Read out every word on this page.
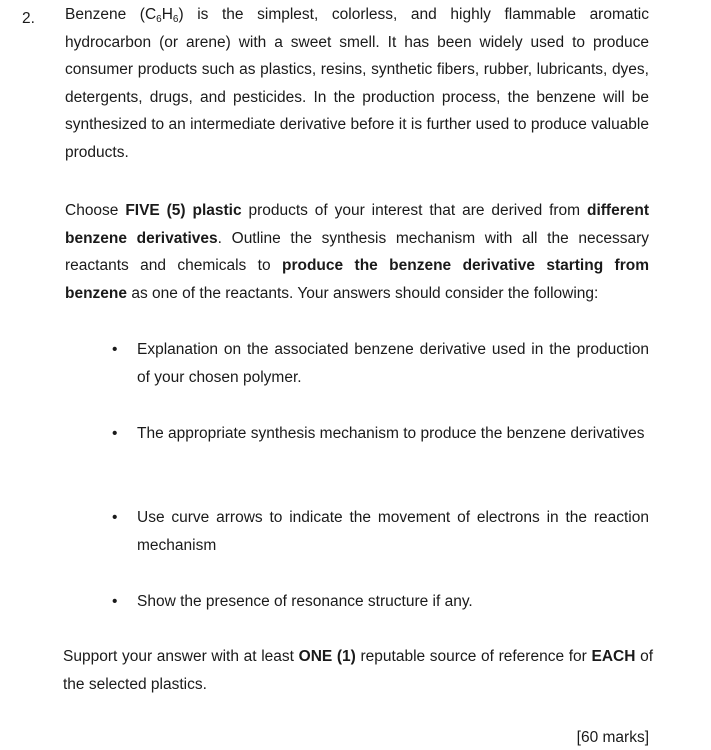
2. Benzene $(C_6H_6)$ is the simplest, colorless, and highly flammable aromatic hydrocarbon (or arene) with a sweet smell. It has been widely used to produce consumer products such as plastics, resins, synthetic fibers, rubber, lubricants, dyes, detergents, drugs, and pesticides. In the production process, the benzene will be synthesized to an intermediate derivative before it is further used to produce valuable products.

Choose FIVE (5) plastic products of your interest that are derived from different benzene derivatives. Outline the synthesis mechanism with all the necessary reactants and chemicals to produce the benzene derivative starting from benzene as one of the reactants. Your answers should consider the following:

• Explanation on the associated benzene derivative used in the production of your chosen polymer.
• The appropriate synthesis mechanism to produce the benzene derivatives
• Use curve arrows to indicate the movement of electrons in the reaction mechanism
• Show the presence of resonance structure if any.

Support your answer with at least ONE (1) reputable source of reference for EACH of the selected plastics.

[60 marks]
